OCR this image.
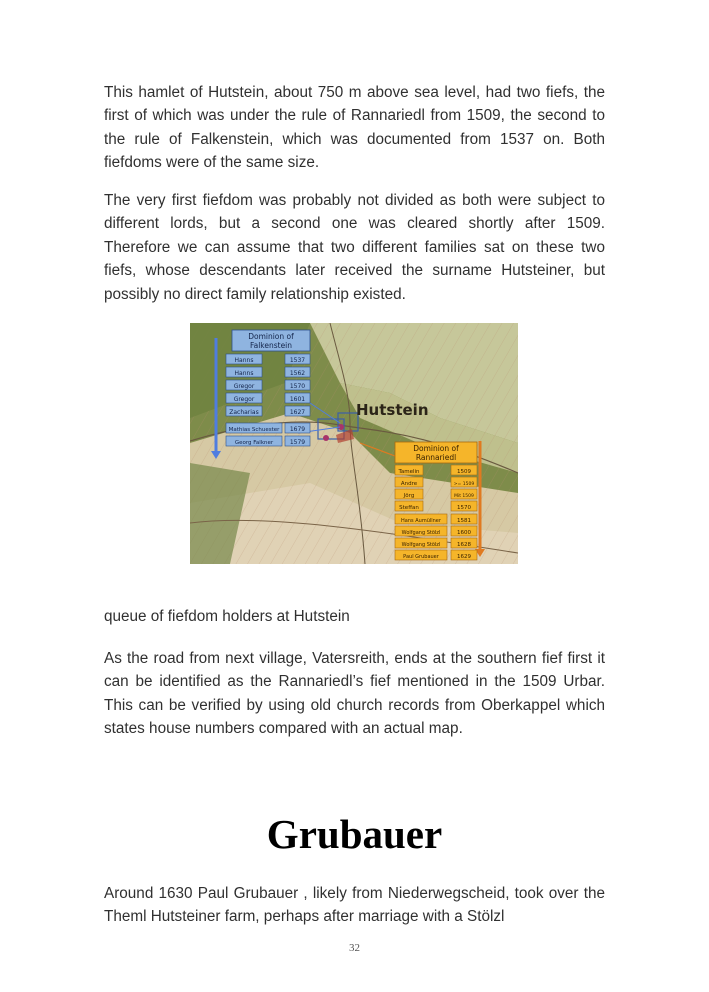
This hamlet of Hutstein, about 750 m above sea level, had two fiefs, the first of which was under the rule of Rannariedl from 1509, the second to the rule of Falkenstein, which was documented from 1537 on. Both fiefdoms were of the same size.

The very first fiefdom was probably not divided as both were subject to different lords, but a second one was cleared shortly after 1509. Therefore we can assume that two different families sat on these two fiefs, whose descendants later received the surname Hutsteiner, but possibly no direct family relationship existed.

Hutstein
Dominion of
Falkenstein
Hanns	1537
Hanns	1562
Gregor	1570
Gregor	1601
Zacharias	1627
Mathias Schuester 1679
Georg Falkner	1579
Dominion of
Rannariedl
Tamelin	1509
Andre	>= 1509
Jörg	Mit 1509
Steffan	1570
Hans Aumüllner	1581
Wolfgang Stölzl	1600
Wolfgang Stölzl	1628
Paul Grubauer	1629

queue of fiefdom holders at Hutstein

As the road from next village, Vatersreith, ends at the southern fief first it can be identified as the Rannariedl’s fief mentioned in the 1509 Urbar. This can be verified by using old church records from Oberkappel which states house numbers compared with an actual map.

Grubauer

Around 1630 Paul Grubauer , likely from Niederwegscheid, took over the Theml Hutsteiner farm, perhaps after marriage with a Stölzl

32
